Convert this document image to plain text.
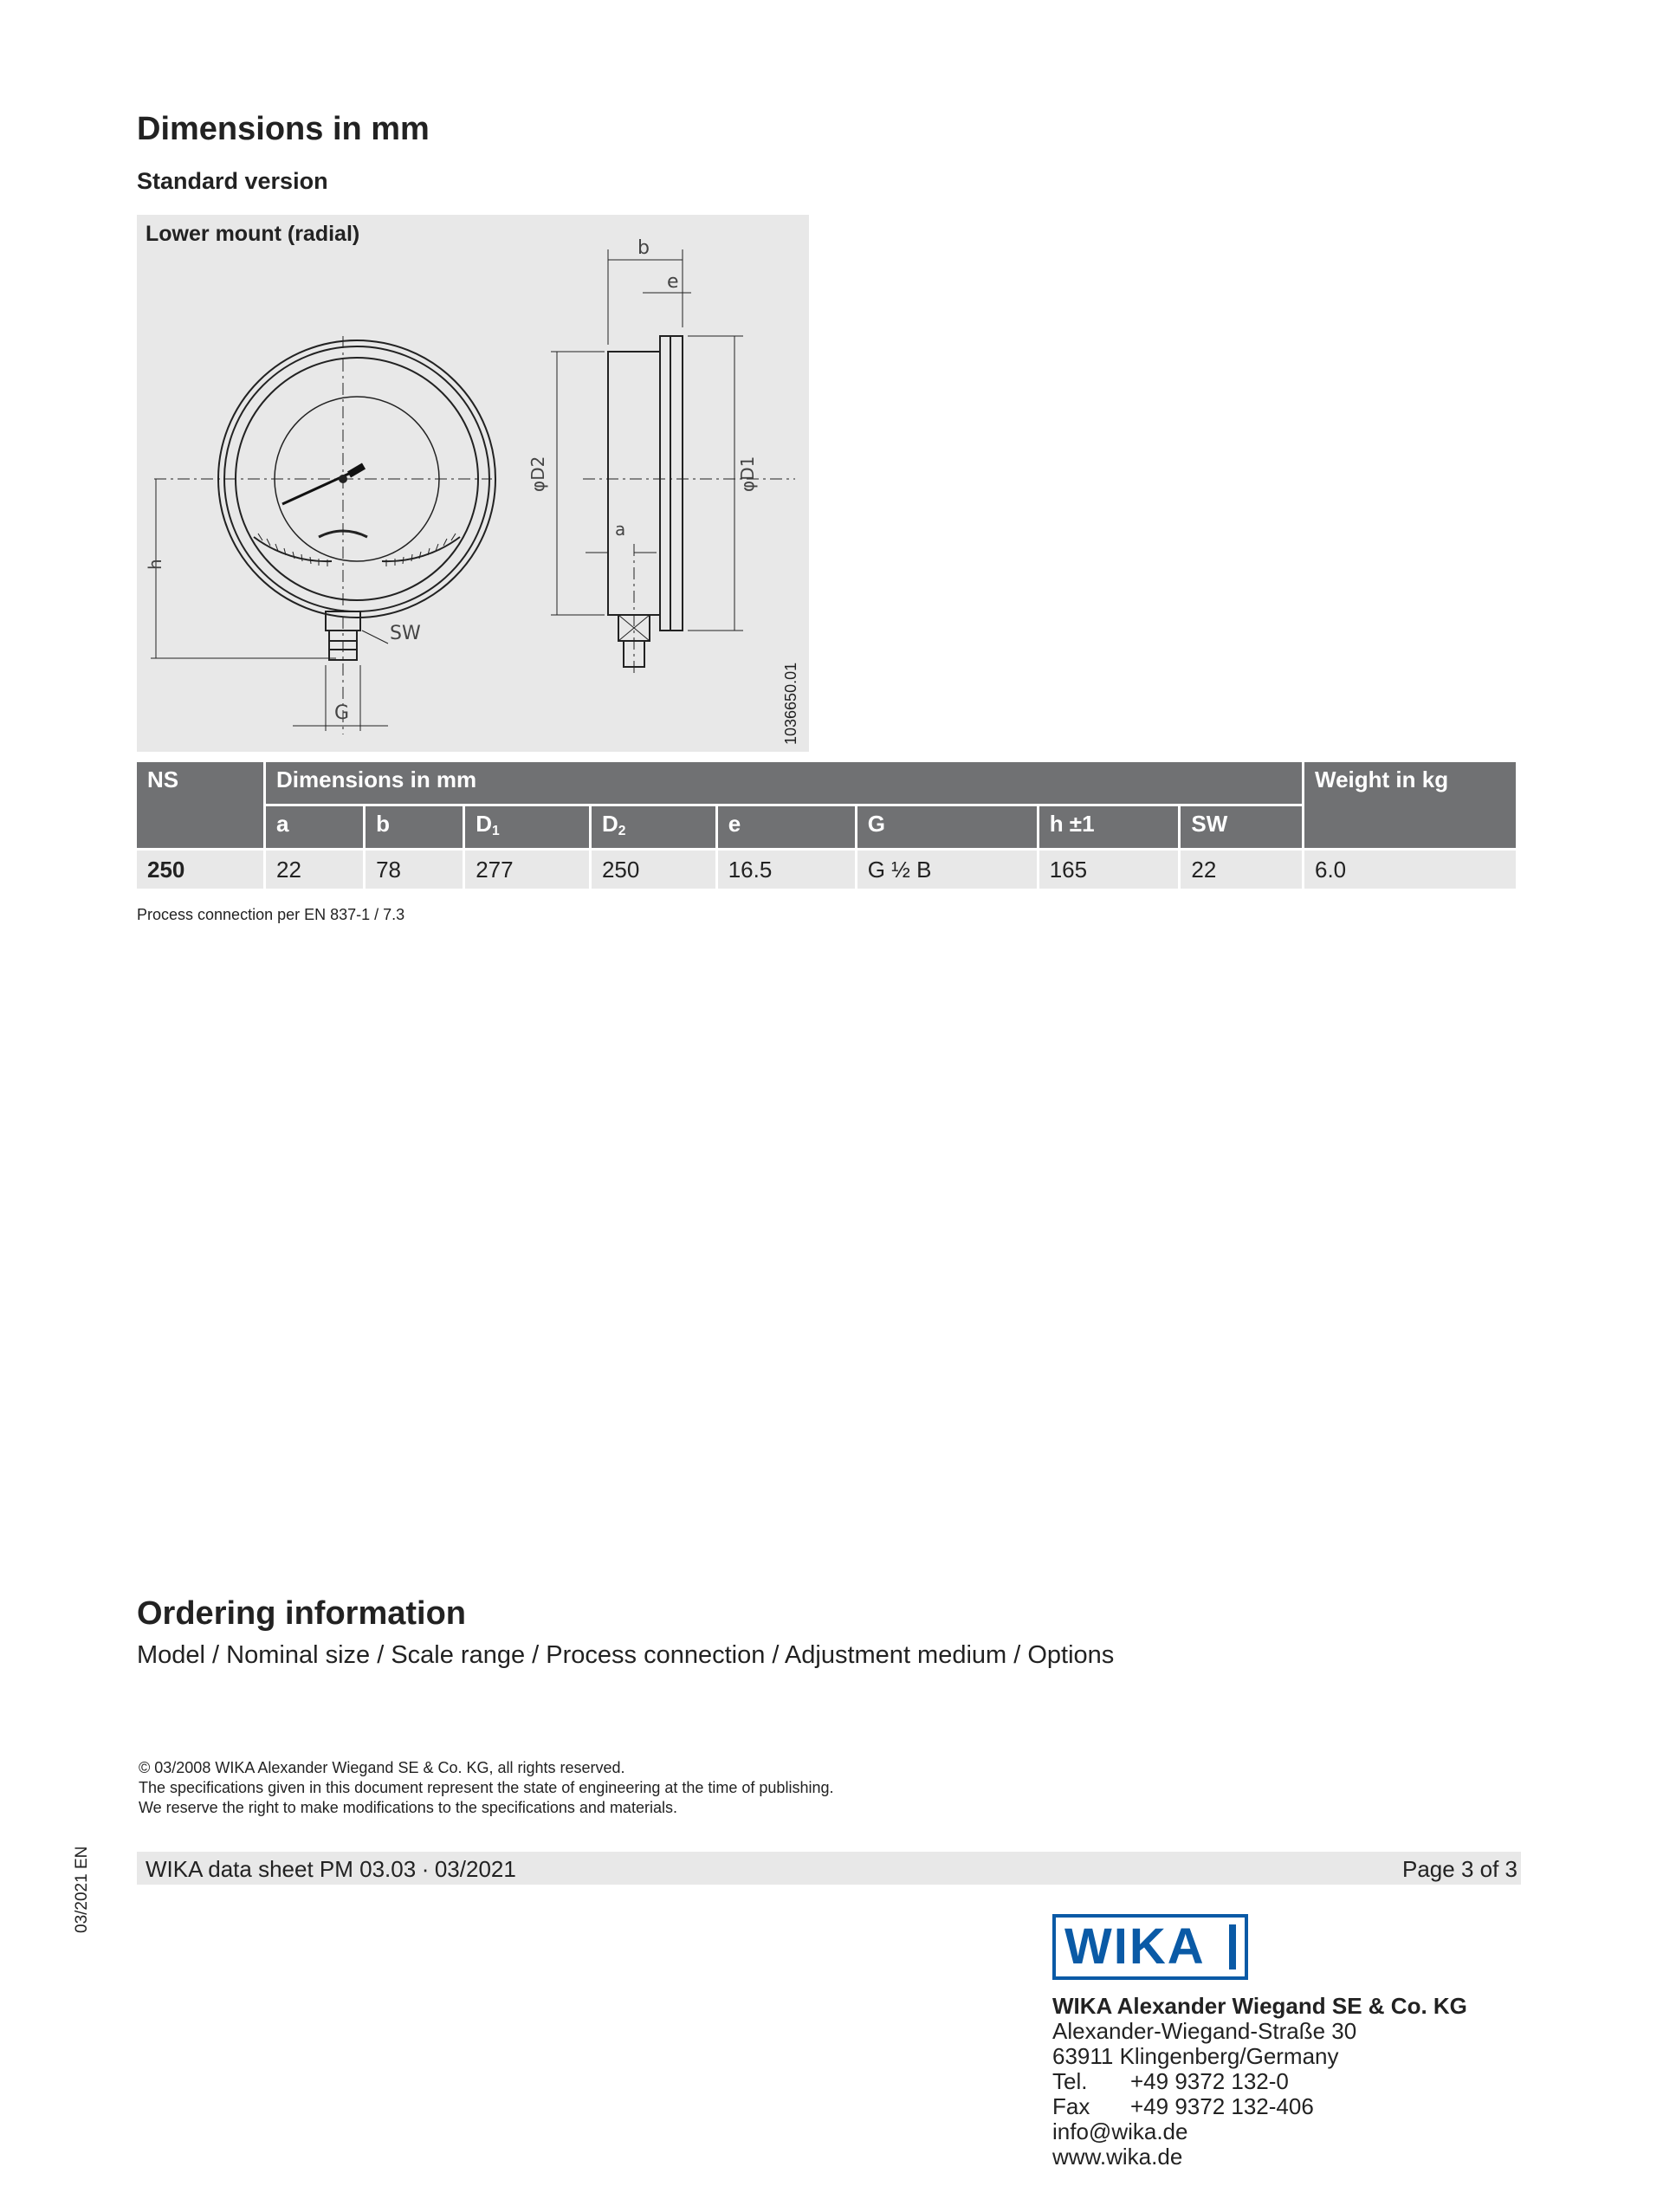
Dimensions in mm
Standard version
h
SW
G
b
e
a
φD2	φD1
Lower mount (radial)
1036650.01
NS	Dimensions in mm								Weight in kg
	a	b	$D_1$	$D_2$	e	G	h ±1	SW	
250	22	78	277	250	16.5	G ½ B	165	22	6.0
Process connection per EN 837-1 / 7.3
Ordering information
Model / Nominal size / Scale range / Process connection / Adjustment medium / Options
© 03/2008 WIKA Alexander Wiegand SE & Co. KG, all rights reserved.
The specifications given in this document represent the state of engineering at the time of publishing.
We reserve the right to make modifications to the specifications and materials.
WIKA data sheet PM 03.03 ∙ 03/2021	Page 3 of 3
03/2021 EN
WIKA
WIKA Alexander Wiegand SE & Co. KG
Alexander-Wiegand-Straße 30
63911 Klingenberg/Germany
Tel. +49 9372 132-0
Fax +49 9372 132-406
info@wika.de
www.wika.de
